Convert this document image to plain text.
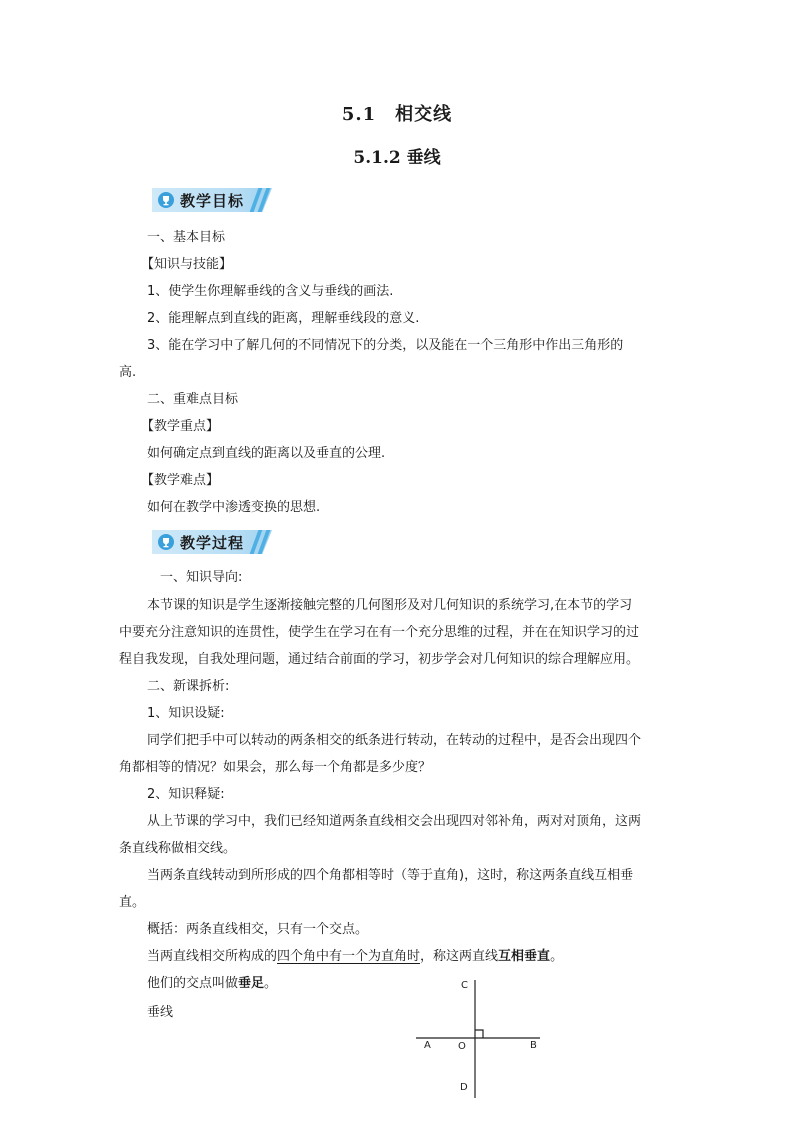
5.1　相交线
5.1.2 垂线
教学目标
一、基本目标
【知识与技能】
1、使学生你理解垂线的含义与垂线的画法.
2、能理解点到直线的距离，理解垂线段的意义.
3、能在学习中了解几何的不同情况下的分类，以及能在一个三角形中作出三角形的
高.
二、重难点目标
【教学重点】
如何确定点到直线的距离以及垂直的公理.
【教学难点】
如何在教学中渗透变换的思想.
教学过程
一、知识导向:
本节课的知识是学生逐渐接触完整的几何图形及对几何知识的系统学习,在本节的学习
中要充分注意知识的连贯性，使学生在学习在有一个充分思维的过程，并在在知识学习的过
程自我发现，自我处理问题，通过结合前面的学习，初步学会对几何知识的综合理解应用。
二、新课拆析:
1、知识设疑:
同学们把手中可以转动的两条相交的纸条进行转动，在转动的过程中，是否会出现四个
角都相等的情况？如果会，那么每一个角都是多少度？
2、知识释疑:
从上节课的学习中，我们已经知道两条直线相交会出现四对邻补角，两对对顶角，这两
条直线称做相交线。
当两条直线转动到所形成的四个角都相等时（等于直角)，这时，称这两条直线互相垂
直。
概括：两条直线相交，只有一个交点。
当两直线相交所构成的四个角中有一个为直角时，称这两直线互相垂直。
他们的交点叫做垂足。
垂线
C
A	O	B
D
